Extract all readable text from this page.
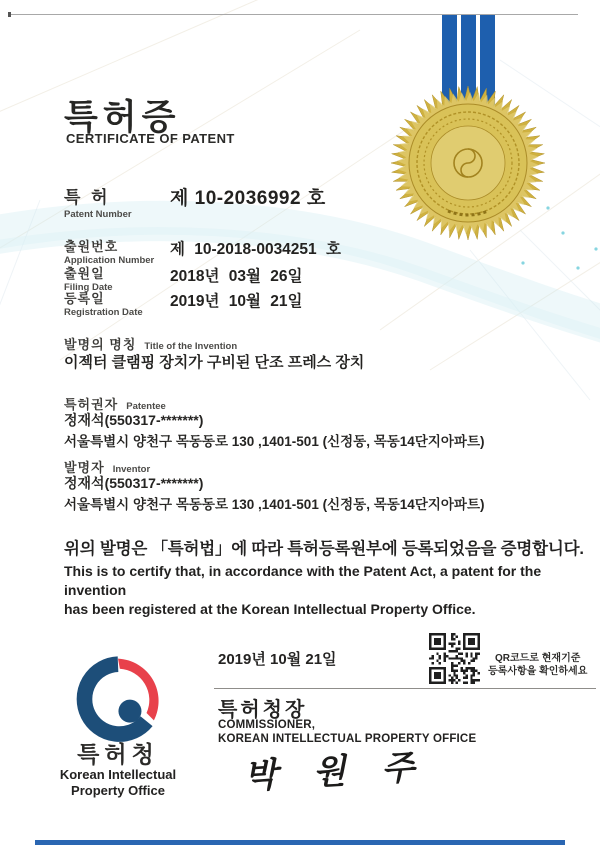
특허증
CERTIFICATE OF PATENT
특 허
Patent Number
제 10-2036992 호
출원번호
Application Number
제 10-2018-0034251 호
출원일
Filing Date
2018년 03월 26일
등록일
Registration Date
2019년 10월 21일
발명의 명칭 Title of the Invention
이젝터 클램핑 장치가 구비된 단조 프레스 장치
특허권자 Patentee
정재석(550317-*******)
서울특별시 양천구 목동동로 130 ,1401-501 (신정동, 목동14단지아파트)
발명자 Inventor
정재석(550317-*******)
서울특별시 양천구 목동동로 130 ,1401-501 (신정동, 목동14단지아파트)
위의 발명은 「특허법」에 따라 특허등록원부에 등록되었음을 증명합니다.
This is to certify that, in accordance with the Patent Act, a patent for the invention
has been registered at the Korean Intellectual Property Office.
2019년 10월 21일	QR코드로 현재기준
등록사항을 확인하세요
특허청장
COMMISSIONER,
KOREAN INTELLECTUAL PROPERTY OFFICE
박 원 주
특허청
Korean Intellectual
Property Office
